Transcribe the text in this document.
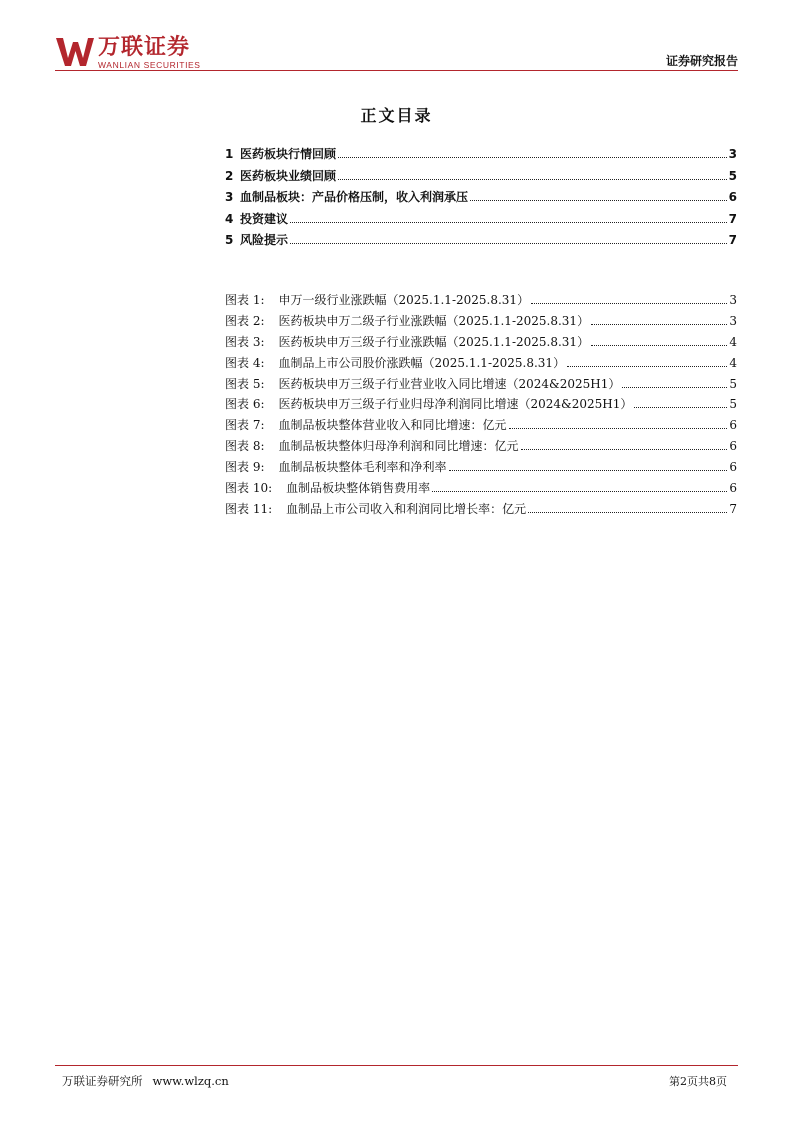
万联证券
WANLIAN SECURITIES	证券研究报告
正文目录
1 医药板块行情回顾	3
2 医药板块业绩回顾	5
3 血制品板块：产品价格压制，收入利润承压	6
4 投资建议	7
5 风险提示	7
图表 1: 申万一级行业涨跌幅（2025.1.1-2025.8.31）	3
图表 2: 医药板块申万二级子行业涨跌幅（2025.1.1-2025.8.31）	3
图表 3: 医药板块申万三级子行业涨跌幅（2025.1.1-2025.8.31）	4
图表 4: 血制品上市公司股价涨跌幅（2025.1.1-2025.8.31）	4
图表 5: 医药板块申万三级子行业营业收入同比增速（2024&2025H1）	5
图表 6: 医药板块申万三级子行业归母净利润同比增速（2024&2025H1）	5
图表 7: 血制品板块整体营业收入和同比增速：亿元	6
图表 8: 血制品板块整体归母净利润和同比增速：亿元	6
图表 9: 血制品板块整体毛利率和净利率	6
图表 10: 血制品板块整体销售费用率	6
图表 11: 血制品上市公司收入和利润同比增长率：亿元	7
万联证券研究所 www.wlzq.cn	第2页共8页
